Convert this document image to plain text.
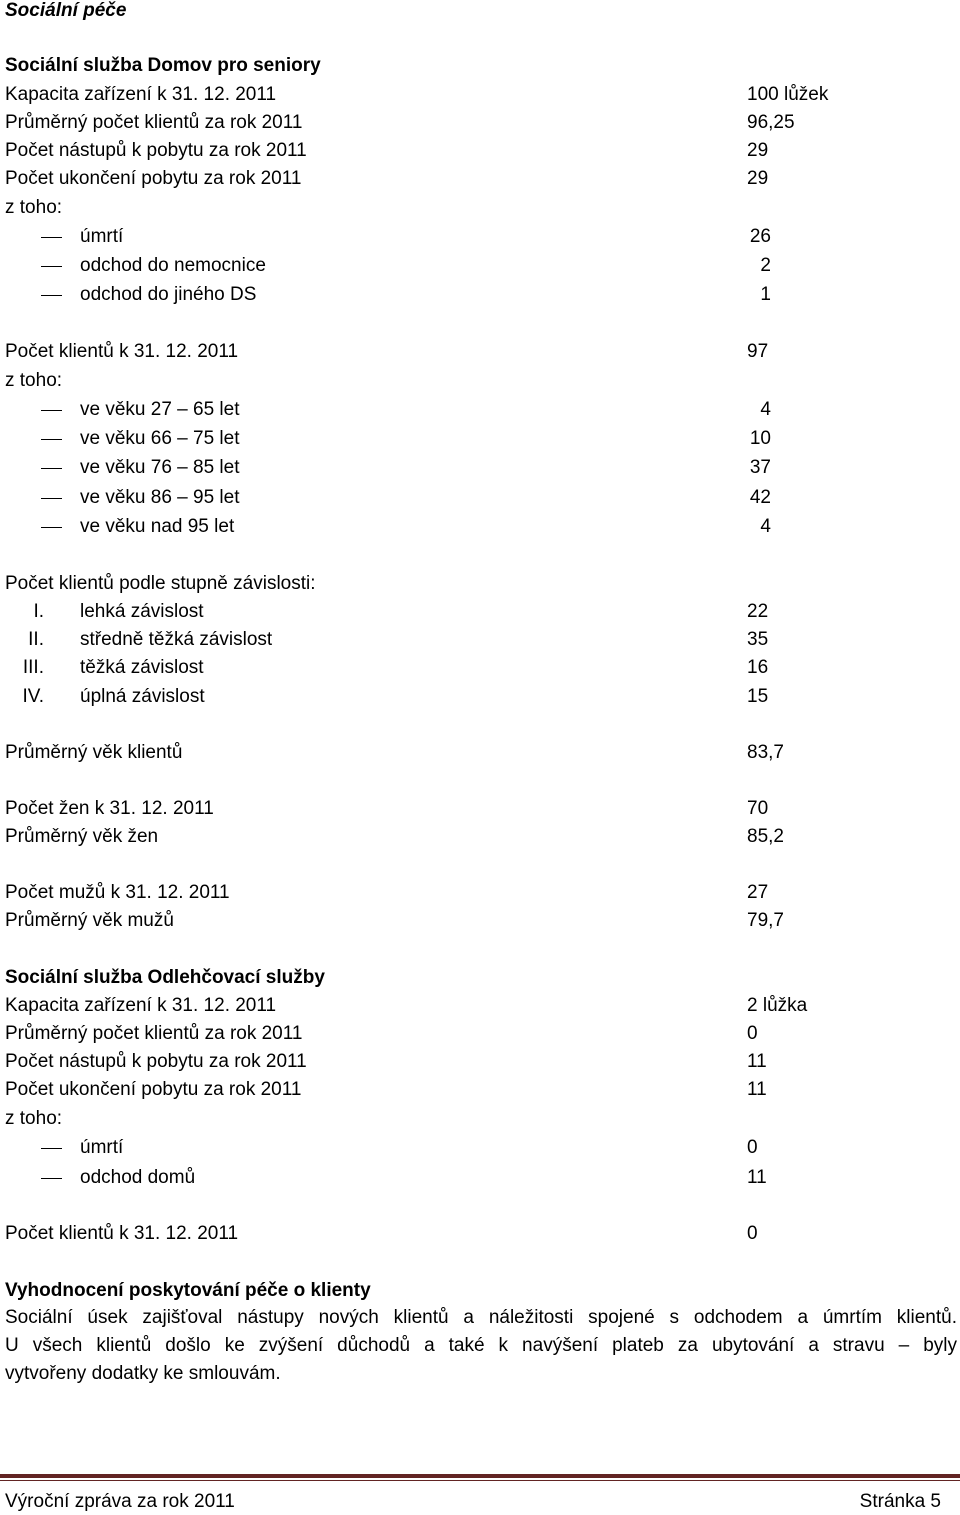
Sociální péče
Sociální služba Domov pro seniory
Kapacita zařízení k 31. 12. 2011	100 lůžek
Průměrný počet klientů za rok 2011	96,25
Počet nástupů k pobytu za rok 2011	29
Počet ukončení pobytu za rok 2011	29
z toho:
úmrtí	26
odchod do nemocnice	2
odchod do jiného DS	1
Počet klientů k 31. 12. 2011	97
z toho:
ve věku 27 – 65 let	4
ve věku 66 – 75 let	10
ve věku 76 – 85 let	37
ve věku 86 – 95 let	42
ve věku nad 95 let	4
Počet klientů podle stupně závislosti:
I. lehká závislost	22
II. středně těžká závislost	35
III. těžká závislost	16
IV. úplná závislost	15
Průměrný věk klientů	83,7
Počet žen k 31. 12. 2011	70
Průměrný věk žen	85,2
Počet mužů k 31. 12. 2011	27
Průměrný věk mužů	79,7
Sociální služba Odlehčovací služby
Kapacita zařízení k 31. 12. 2011	2 lůžka
Průměrný počet klientů za rok 2011	0
Počet nástupů k pobytu za rok 2011	11
Počet ukončení pobytu za rok 2011	11
z toho:
úmrtí	0
odchod domů	11
Počet klientů k 31. 12. 2011	0
Vyhodnocení poskytování péče o klienty
Sociální úsek zajišťoval nástupy nových klientů a náležitosti spojené s odchodem a úmrtím klientů.
U všech klientů došlo ke zvýšení důchodů a také k navýšení plateb za ubytování a stravu – byly
vytvořeny dodatky ke smlouvám.
Výroční zpráva za rok 2011	Stránka 5
